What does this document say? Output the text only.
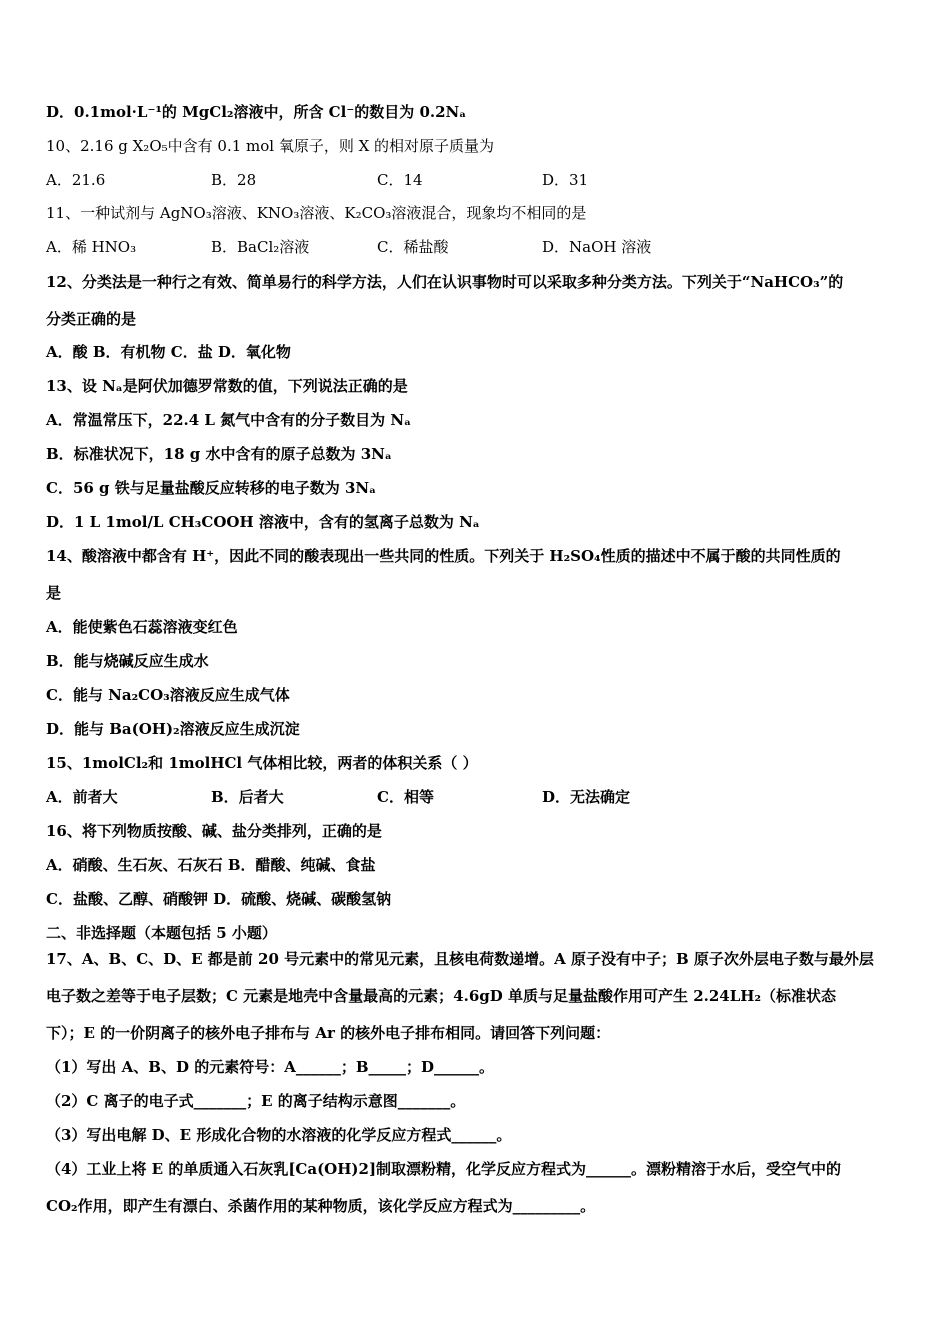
D．0.1mol·L⁻¹的 MgCl₂溶液中，所含 Cl⁻的数目为 0.2Nₐ
10、2.16 g X₂O₅中含有 0.1 mol 氧原子，则 X 的相对原子质量为
A．21.6	B．28	C．14	D．31
11、一种试剂与 AgNO₃溶液、KNO₃溶液、K₂CO₃溶液混合，现象均不相同的是
A．稀 HNO₃	B．BaCl₂溶液	C．稀盐酸	D．NaOH 溶液
12、分类法是一种行之有效、简单易行的科学方法，人们在认识事物时可以采取多种分类方法。下列关于“NaHCO₃”的
分类正确的是
A．酸 B．有机物 C．盐 D．氧化物
13、设 Nₐ是阿伏加德罗常数的值，下列说法正确的是
A．常温常压下，22.4 L 氮气中含有的分子数目为 Nₐ
B．标准状况下，18 g 水中含有的原子总数为 3Nₐ
C．56 g 铁与足量盐酸反应转移的电子数为 3Nₐ
D．1 L 1mol/L CH₃COOH 溶液中，含有的氢离子总数为 Nₐ
14、酸溶液中都含有 H⁺，因此不同的酸表现出一些共同的性质。下列关于 H₂SO₄性质的描述中不属于酸的共同性质的
是
A．能使紫色石蕊溶液变红色
B．能与烧碱反应生成水
C．能与 Na₂CO₃溶液反应生成气体
D．能与 Ba(OH)₂溶液反应生成沉淀
15、1molCl₂和 1molHCl 气体相比较，两者的体积关系（ ）
A．前者大	B．后者大	C．相等	D．无法确定
16、将下列物质按酸、碱、盐分类排列，正确的是
A．硝酸、生石灰、石灰石 B．醋酸、纯碱、食盐
C．盐酸、乙醇、硝酸钾 D．硫酸、烧碱、碳酸氢钠
二、非选择题（本题包括 5 小题）
17、A、B、C、D、E 都是前 20 号元素中的常见元素，且核电荷数递增。A 原子没有中子；B 原子次外层电子数与最外层
电子数之差等于电子层数；C 元素是地壳中含量最高的元素；4.6gD 单质与足量盐酸作用可产生 2.24LH₂（标准状态
下）；E 的一价阴离子的核外电子排布与 Ar 的核外电子排布相同。请回答下列问题：
（1）写出 A、B、D 的元素符号：A______；B_____；D______。
（2）C 离子的电子式_______；E 的离子结构示意图_______。
（3）写出电解 D、E 形成化合物的水溶液的化学反应方程式______。
（4）工业上将 E 的单质通入石灰乳[Ca(OH)2]制取漂粉精，化学反应方程式为______。漂粉精溶于水后，受空气中的
CO₂作用，即产生有漂白、杀菌作用的某种物质，该化学反应方程式为_________。
